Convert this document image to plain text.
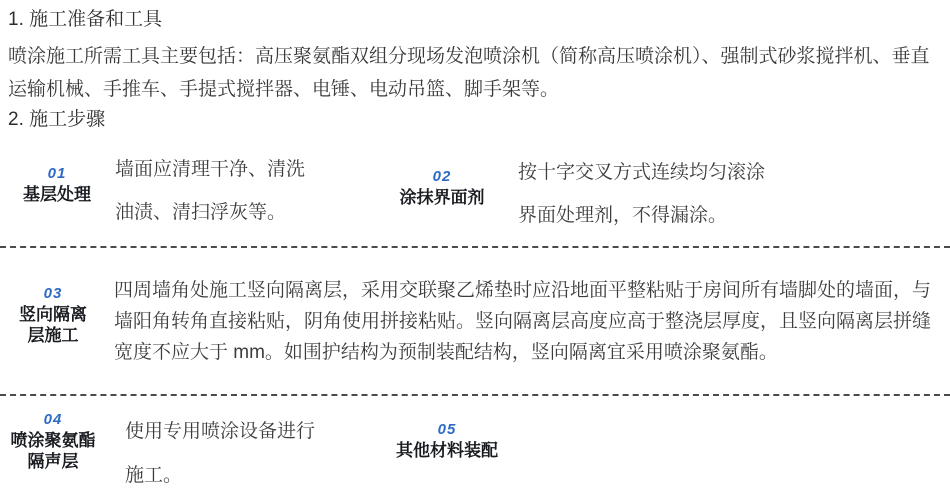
1. 施工准备和工具
喷涂施工所需工具主要包括：高压聚氨酯双组分现场发泡喷涂机（简称高压喷涂机）、强制式砂浆搅拌机、垂直
运输机械、手推车、手提式搅拌器、电锤、电动吊篮、脚手架等。
2. 施工步骤
01
基层处理
墙面应清理干净、清洗
油渍、清扫浮灰等。
02
涂抹界面剂
按十字交叉方式连续均匀滚涂
界面处理剂，不得漏涂。
03
竖向隔离
层施工
四周墙角处施工竖向隔离层，采用交联聚乙烯垫时应沿地面平整粘贴于房间所有墙脚处的墙面，与
墙阳角转角直接粘贴，阴角使用拼接粘贴。竖向隔离层高度应高于整浇层厚度，且竖向隔离层拼缝
宽度不应大于 mm。如围护结构为预制装配结构，竖向隔离宜采用喷涂聚氨酯。
04
喷涂聚氨酯
隔声层
使用专用喷涂设备进行
施工。
05
其他材料装配
